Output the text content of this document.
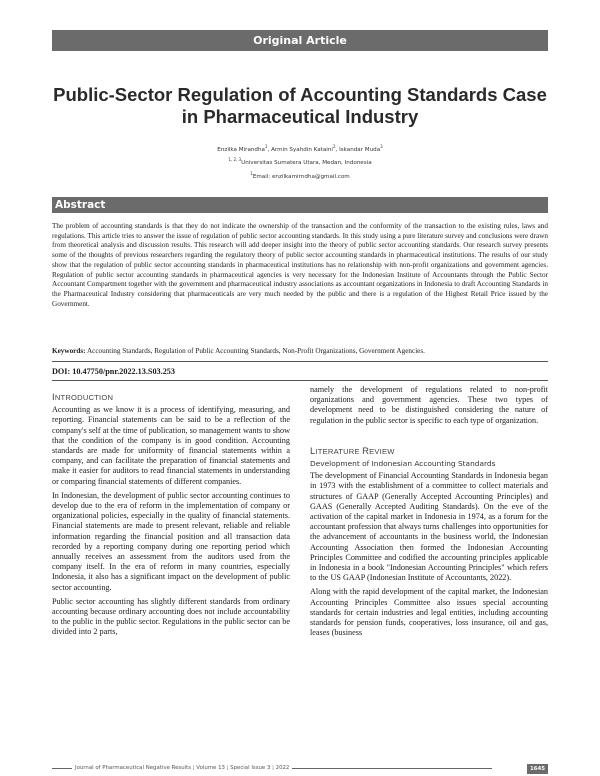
Original Article
Public-Sector Regulation of Accounting Standards Case
in Pharmaceutical Industry
Enzilka Mirandha$^1$, Armin Syahdin Kataini$^2$, Iskandar Muda$^3$
$^{1, 2, 3}$Universitas Sumatera Utara, Medan, Indonesia
$^1$Email: enzilkamirndha@gmail.com
Abstract
The problem of accounting standards is that they do not indicate the ownership of the transaction and the conformity of the transaction to the existing rules, laws and regulations. This article tries to answer the issue of regulation of public sector accounting standards. In this study using a pure literature survey and conclusions were drawn from theoretical analysis and discussion results. This research will add deeper insight into the theory of public sector accounting standards. Our research survey presents some of the thoughts of previous researchers regarding the regulatory theory of public sector accounting standards in pharmaceutical institutions. The results of our study show that the regulation of public sector accounting standards in pharmaceutical institutions has no relationship with non-profit organizations and government agencies. Regulation of public sector accounting standards in pharmaceutical agencies is very necessary for the Indonesian Institute of Accountants through the Public Sector Accountant Compartment together with the government and pharmaceutical industry associations as accountant organizations in Indonesia to draft Accounting Standards in the Pharmaceutical Industry considering that pharmaceuticals are very much needed by the public and there is a regulation of the Highest Retail Price issued by the Government.
Keywords: Accounting Standards, Regulation of Public Accounting Standards, Non-Profit Organizations, Government Agencies.
DOI: 10.47750/pnr.2022.13.S03.253
INTRODUCTION

Accounting as we know it is a process of identifying, measuring, and reporting. Financial statements can be said to be a reflection of the company's self at the time of publication, so management wants to show that the condition of the company is in good condition. Accounting standards are made for uniformity of financial statements within a company, and can facilitate the preparation of financial statements and make it easier for auditors to read financial statements in understanding or comparing financial statements of different companies.

In Indonesian, the development of public sector accounting continues to develop due to the era of reform in the implementation of company or organizational policies, especially in the quality of financial statements. Financial statements are made to present relevant, reliable and reliable information regarding the financial position and all transaction data recorded by a reporting company during one reporting period which annually receives an assessment from the auditors used from the company itself. In the era of reform in many countries, especially Indonesia, it also has a significant impact on the development of public sector accounting.

Public sector accounting has slightly different standards from ordinary accounting because ordinary accounting does not include accountability to the public in the public sector. Regulations in the public sector can be divided into 2 parts,

namely the development of regulations related to non-profit organizations and government agencies. These two types of development need to be distinguished considering the nature of regulation in the public sector is specific to each type of organization.

LITERATURE REVIEW
Development of Indonesian Accounting Standards

The development of Financial Accounting Standards in Indonesia began in 1973 with the establishment of a committee to collect materials and structures of GAAP (Generally Accepted Accounting Principles) and GAAS (Generally Accepted Auditing Standards). On the eve of the activation of the capital market in Indonesia in 1974, as a forum for the accountant profession that always turns challenges into opportunities for the advancement of accountants in the business world, the Indonesian Accounting Association then formed the Indonesian Accounting Principles Committee and codified the accounting principles applicable in Indonesia in a book "Indonesian Accounting Principles" which refers to the US GAAP (Indonesian Institute of Accountants, 2022).

Along with the rapid development of the capital market, the Indonesian Accounting Principles Committee also issues special accounting standards for certain industries and legal entities, including accounting standards for pension funds, cooperatives, loss insurance, oil and gas, leases (business

Journal of Pharmaceutical Negative Results ¦ Volume 13 ¦ Special Issue 3 ¦ 2022	1645
